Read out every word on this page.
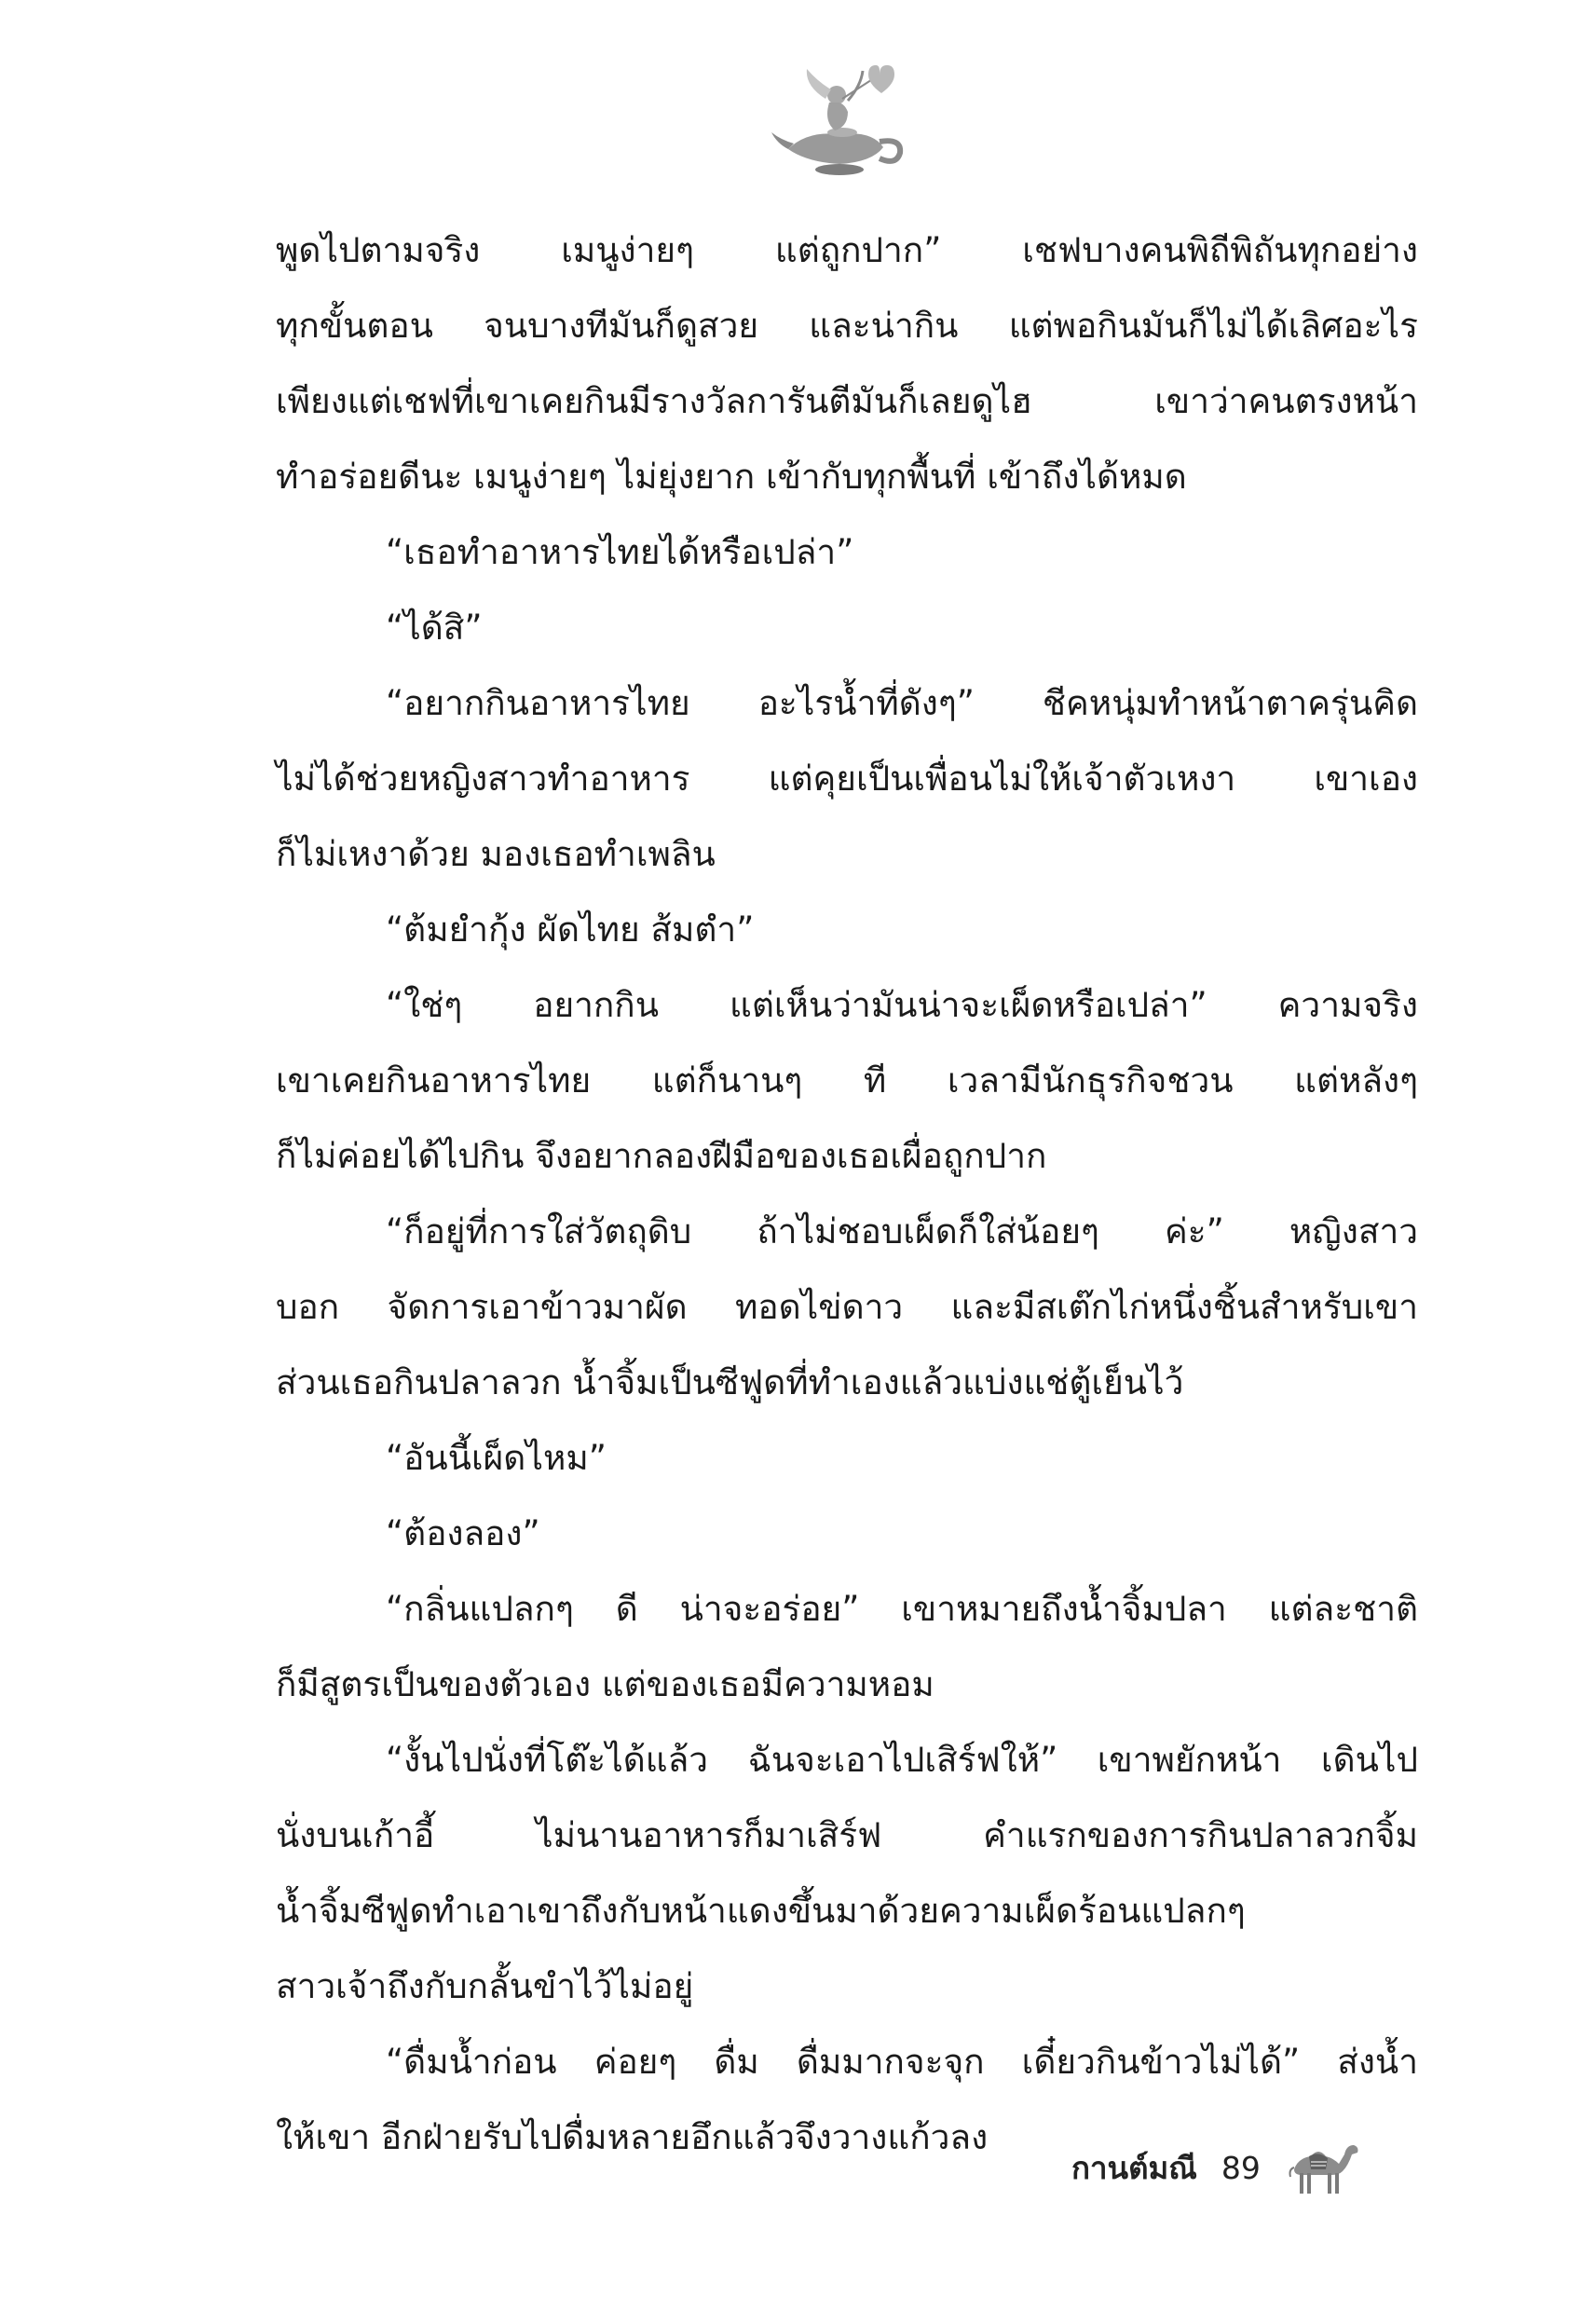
พูดไปตามจริง เมนูง่ายๆ แต่ถูกปาก” เชฟบางคนพิถีพิถันทุกอย่าง
ทุกขั้นตอน จนบางทีมันก็ดูสวย และน่ากิน แต่พอกินมันก็ไม่ได้เลิศอะไร
เพียงแต่เชฟที่เขาเคยกินมีรางวัลการันตีมันก็เลยดูไฮ เขาว่าคนตรงหน้า
ทำอร่อยดีนะ เมนูง่ายๆ ไม่ยุ่งยาก เข้ากับทุกพื้นที่ เข้าถึงได้หมด
“เธอทำอาหารไทยได้หรือเปล่า”
“ได้สิ”
“อยากกินอาหารไทย อะไรน้ำที่ดังๆ” ชีคหนุ่มทำหน้าตาครุ่นคิด
ไม่ได้ช่วยหญิงสาวทำอาหาร แต่คุยเป็นเพื่อนไม่ให้เจ้าตัวเหงา เขาเอง
ก็ไม่เหงาด้วย มองเธอทำเพลิน
“ต้มยำกุ้ง ผัดไทย ส้มตำ”
“ใช่ๆ อยากกิน แต่เห็นว่ามันน่าจะเผ็ดหรือเปล่า” ความจริง
เขาเคยกินอาหารไทย แต่ก็นานๆ ที เวลามีนักธุรกิจชวน แต่หลังๆ
ก็ไม่ค่อยได้ไปกิน จึงอยากลองฝีมือของเธอเผื่อถูกปาก
“ก็อยู่ที่การใส่วัตถุดิบ ถ้าไม่ชอบเผ็ดก็ใส่น้อยๆ ค่ะ” หญิงสาว
บอก จัดการเอาข้าวมาผัด ทอดไข่ดาว และมีสเต๊กไก่หนึ่งชิ้นสำหรับเขา
ส่วนเธอกินปลาลวก น้ำจิ้มเป็นซีฟูดที่ทำเองแล้วแบ่งแช่ตู้เย็นไว้
“อันนี้เผ็ดไหม”
“ต้องลอง”
“กลิ่นแปลกๆ ดี น่าจะอร่อย” เขาหมายถึงน้ำจิ้มปลา แต่ละชาติ
ก็มีสูตรเป็นของตัวเอง แต่ของเธอมีความหอม
“งั้นไปนั่งที่โต๊ะได้แล้ว ฉันจะเอาไปเสิร์ฟให้” เขาพยักหน้า เดินไป
นั่งบนเก้าอี้ ไม่นานอาหารก็มาเสิร์ฟ คำแรกของการกินปลาลวกจิ้ม
น้ำจิ้มซีฟูดทำเอาเขาถึงกับหน้าแดงขึ้นมาด้วยความเผ็ดร้อนแปลกๆ
สาวเจ้าถึงกับกลั้นขำไว้ไม่อยู่
“ดื่มน้ำก่อน ค่อยๆ ดื่ม ดื่มมากจะจุก เดี๋ยวกินข้าวไม่ได้” ส่งน้ำ
ให้เขา อีกฝ่ายรับไปดื่มหลายอึกแล้วจึงวางแก้วลง
กานต์มณี 89
